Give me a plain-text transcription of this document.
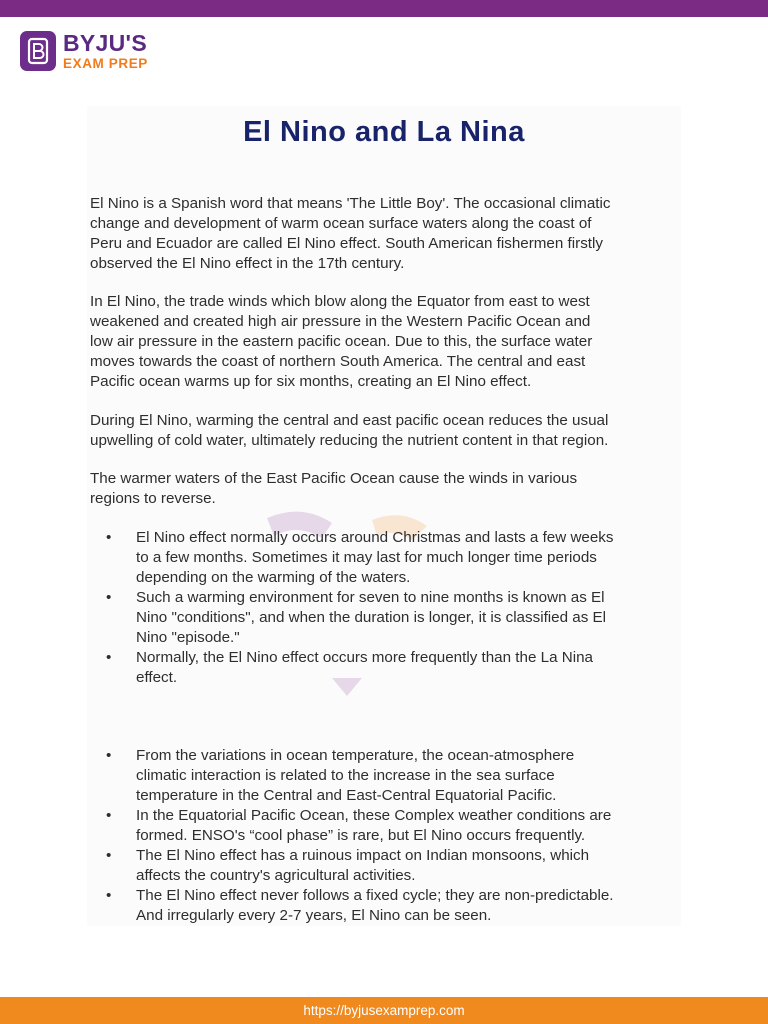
BYJU'S
EXAM PREP
El Nino and La Nina

El Nino is a Spanish word that means 'The Little Boy'. The occasional climatic
change and development of warm ocean surface waters along the coast of
Peru and Ecuador are called El Nino effect. South American fishermen firstly
observed the El Nino effect in the 17th century.

In El Nino, the trade winds which blow along the Equator from east to west
weakened and created high air pressure in the Western Pacific Ocean and
low air pressure in the eastern pacific ocean. Due to this, the surface water
moves towards the coast of northern South America. The central and east
Pacific ocean warms up for six months, creating an El Nino effect.

During El Nino, warming the central and east pacific ocean reduces the usual
upwelling of cold water, ultimately reducing the nutrient content in that region.

The warmer waters of the East Pacific Ocean cause the winds in various
regions to reverse.

•	El Nino effect normally occurs around Christmas and lasts a few weeks
to a few months. Sometimes it may last for much longer time periods
depending on the warming of the waters.
•	Such a warming environment for seven to nine months is known as El
Nino "conditions", and when the duration is longer, it is classified as El
Nino "episode."
•	Normally, the El Nino effect occurs more frequently than the La Nina
effect.
•	From the variations in ocean temperature, the ocean-atmosphere
climatic interaction is related to the increase in the sea surface
temperature in the Central and East-Central Equatorial Pacific.
•	In the Equatorial Pacific Ocean, these Complex weather conditions are
formed. ENSO's “cool phase” is rare, but El Nino occurs frequently.
•	The El Nino effect has a ruinous impact on Indian monsoons, which
affects the country's agricultural activities.
•	The El Nino effect never follows a fixed cycle; they are non-predictable.
And irregularly every 2-7 years, El Nino can be seen.
https://byjusexamprep.com
